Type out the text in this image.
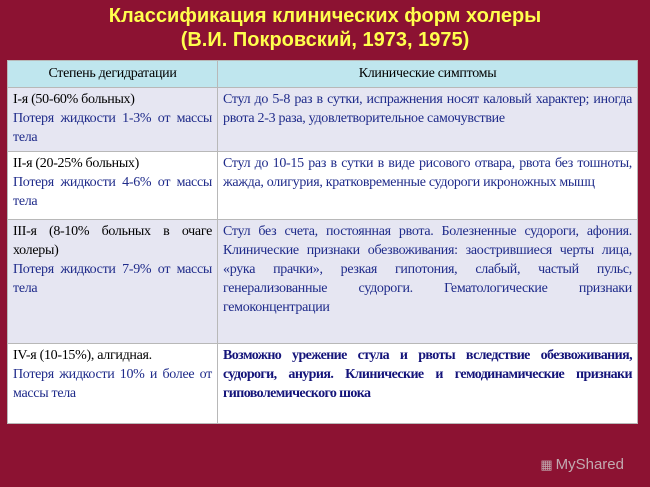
Классификация клинических форм холеры
(В.И. Покровский, 1973, 1975)
Степень дегидратации	Клинические симптомы

I-я (50-60% больных)
Потеря жидкости 1-3% от массы тела	Стул до 5-8 раз в сутки, испражнения носят каловый характер; иногда рвота 2-3 раза, удовлетворительное самочувствие

II-я (20-25% больных)
Потеря жидкости 4-6% от массы тела	Стул до 10-15 раз в сутки в виде рисового отвара, рвота без тошноты, жажда, олигурия, кратковременные судороги икроножных мышц

III-я (8-10% больных в очаге холеры)
Потеря жидкости 7-9% от массы тела	Стул без счета, постоянная рвота. Болезненные судороги, афония. Клинические признаки обезвоживания: заострившиеся черты лица, «рука прачки», резкая гипотония, слабый, частый пульс, генерализованные судороги. Гематологические признаки гемоконцентрации

IV-я (10-15%), алгидная.
Потеря жидкости 10% и более от массы тела	Возможно урежение стула и рвоты вследствие обезвоживания, судороги, анурия. Клинические и гемодинамические признаки гиповолемического шока
▦ MyShared
